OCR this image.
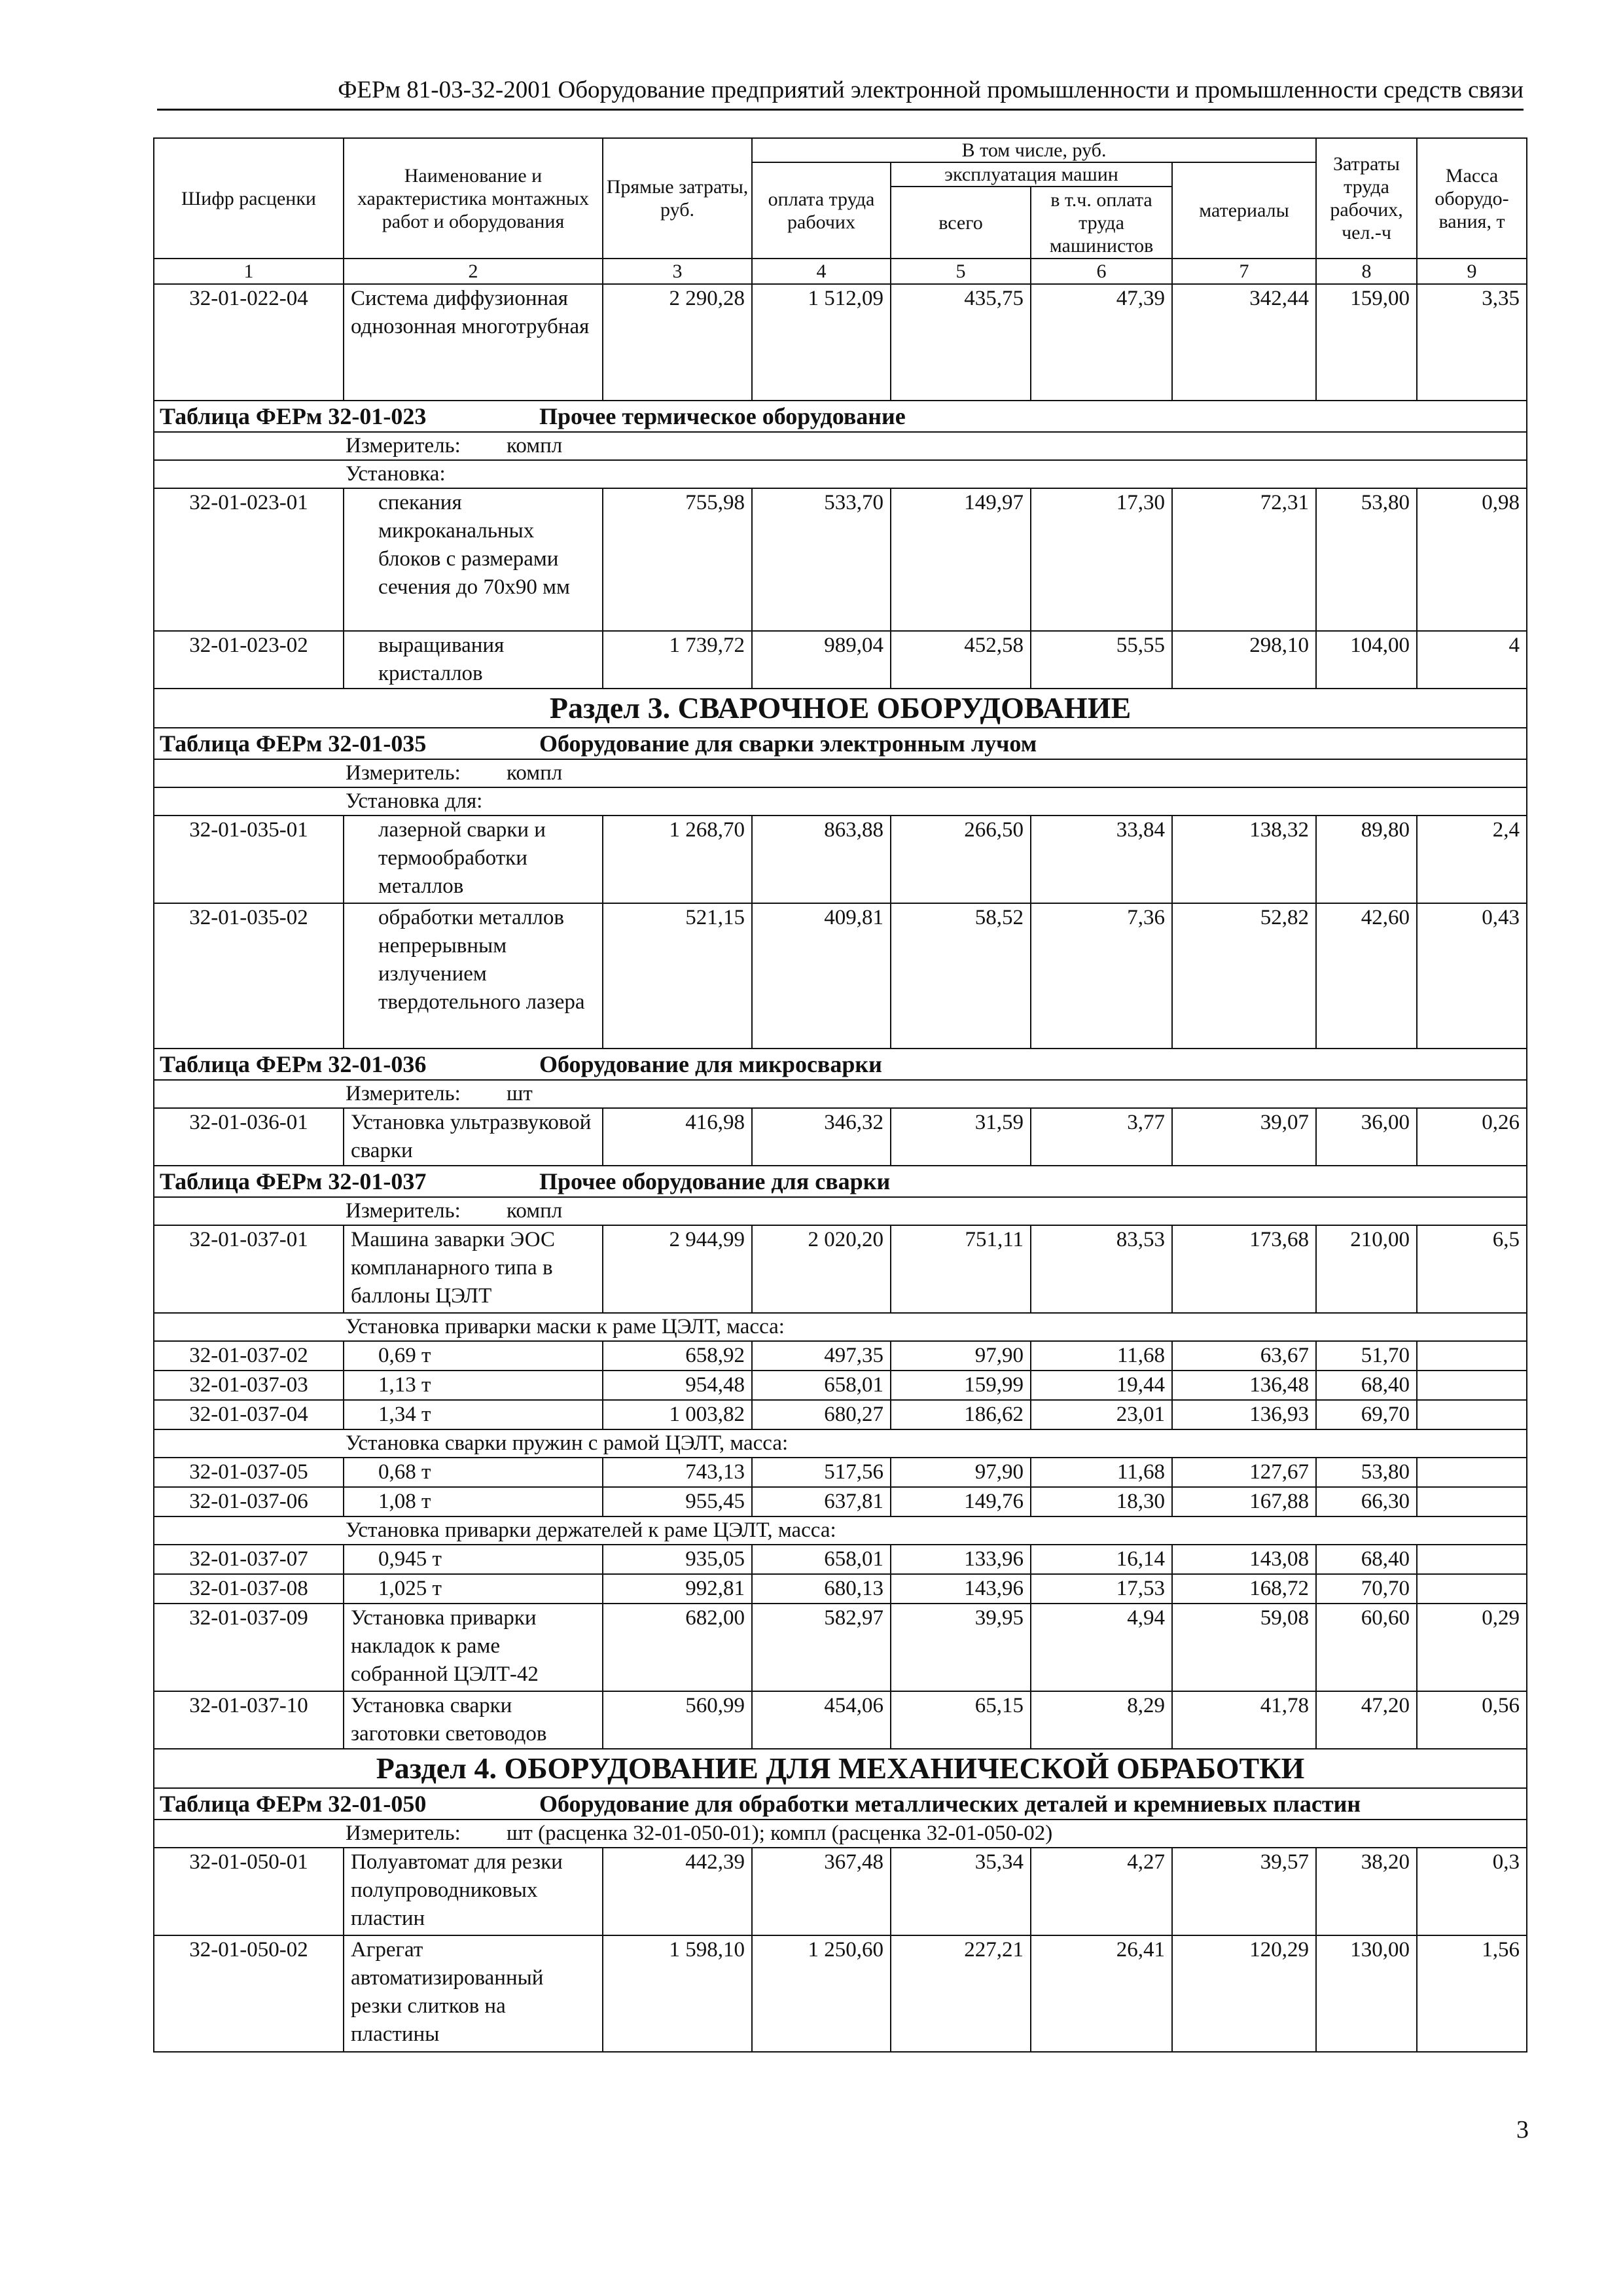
ФЕРм 81-03-32-2001 Оборудование предприятий электронной промышленности и промышленности средств связи
Шифр расценки	Наименование и характеристика монтажных работ и оборудования	Прямые затраты, руб.	В том числе, руб.				Затраты труда рабочих, чел.-ч	Масса оборудо-вания, т
			оплата труда рабочих	эксплуатация машин		материалы		
				всего	в т.ч. оплата труда машинистов			
1	2	3	4	5	6	7	8	9
32-01-022-04	Система диффузионная однозонная многотрубная	2 290,28	1 512,09	435,75	47,39	342,44	159,00	3,35
Таблица ФЕРм 32-01-023 Прочее термическое оборудование								
Измеритель: компл								
Установка:								
32-01-023-01	спекания микроканальных блоков с размерами сечения до 70х90 мм	755,98	533,70	149,97	17,30	72,31	53,80	0,98
32-01-023-02	выращивания кристаллов	1 739,72	989,04	452,58	55,55	298,10	104,00	4
Раздел 3. СВАРОЧНОЕ ОБОРУДОВАНИЕ								
Таблица ФЕРм 32-01-035 Оборудование для сварки электронным лучом								
Измеритель: компл								
Установка для:								
32-01-035-01	лазерной сварки и термообработки металлов	1 268,70	863,88	266,50	33,84	138,32	89,80	2,4
32-01-035-02	обработки металлов непрерывным излучением твердотельного лазера	521,15	409,81	58,52	7,36	52,82	42,60	0,43
Таблица ФЕРм 32-01-036 Оборудование для микросварки								
Измеритель: шт								
32-01-036-01	Установка ультразвуковой сварки	416,98	346,32	31,59	3,77	39,07	36,00	0,26
Таблица ФЕРм 32-01-037 Прочее оборудование для сварки								
Измеритель: компл								
32-01-037-01	Машина заварки ЭОС компланарного типа в баллоны ЦЭЛТ	2 944,99	2 020,20	751,11	83,53	173,68	210,00	6,5
Установка приварки маски к раме ЦЭЛТ, масса:								
32-01-037-02	0,69 т	658,92	497,35	97,90	11,68	63,67	51,70	
32-01-037-03	1,13 т	954,48	658,01	159,99	19,44	136,48	68,40	
32-01-037-04	1,34 т	1 003,82	680,27	186,62	23,01	136,93	69,70	
Установка сварки пружин с рамой ЦЭЛТ, масса:								
32-01-037-05	0,68 т	743,13	517,56	97,90	11,68	127,67	53,80	
32-01-037-06	1,08 т	955,45	637,81	149,76	18,30	167,88	66,30	
Установка приварки держателей к раме ЦЭЛТ, масса:								
32-01-037-07	0,945 т	935,05	658,01	133,96	16,14	143,08	68,40	
32-01-037-08	1,025 т	992,81	680,13	143,96	17,53	168,72	70,70	
32-01-037-09	Установка приварки накладок к раме собранной ЦЭЛТ-42	682,00	582,97	39,95	4,94	59,08	60,60	0,29
32-01-037-10	Установка сварки заготовки световодов	560,99	454,06	65,15	8,29	41,78	47,20	0,56
Раздел 4. ОБОРУДОВАНИЕ ДЛЯ МЕХАНИЧЕСКОЙ ОБРАБОТКИ								
Таблица ФЕРм 32-01-050 Оборудование для обработки металлических деталей и кремниевых пластин								
Измеритель: шт (расценка 32-01-050-01); компл (расценка 32-01-050-02)								
32-01-050-01	Полуавтомат для резки полупроводниковых пластин	442,39	367,48	35,34	4,27	39,57	38,20	0,3
32-01-050-02	Агрегат автоматизированный резки слитков на пластины	1 598,10	1 250,60	227,21	26,41	120,29	130,00	1,56
3
